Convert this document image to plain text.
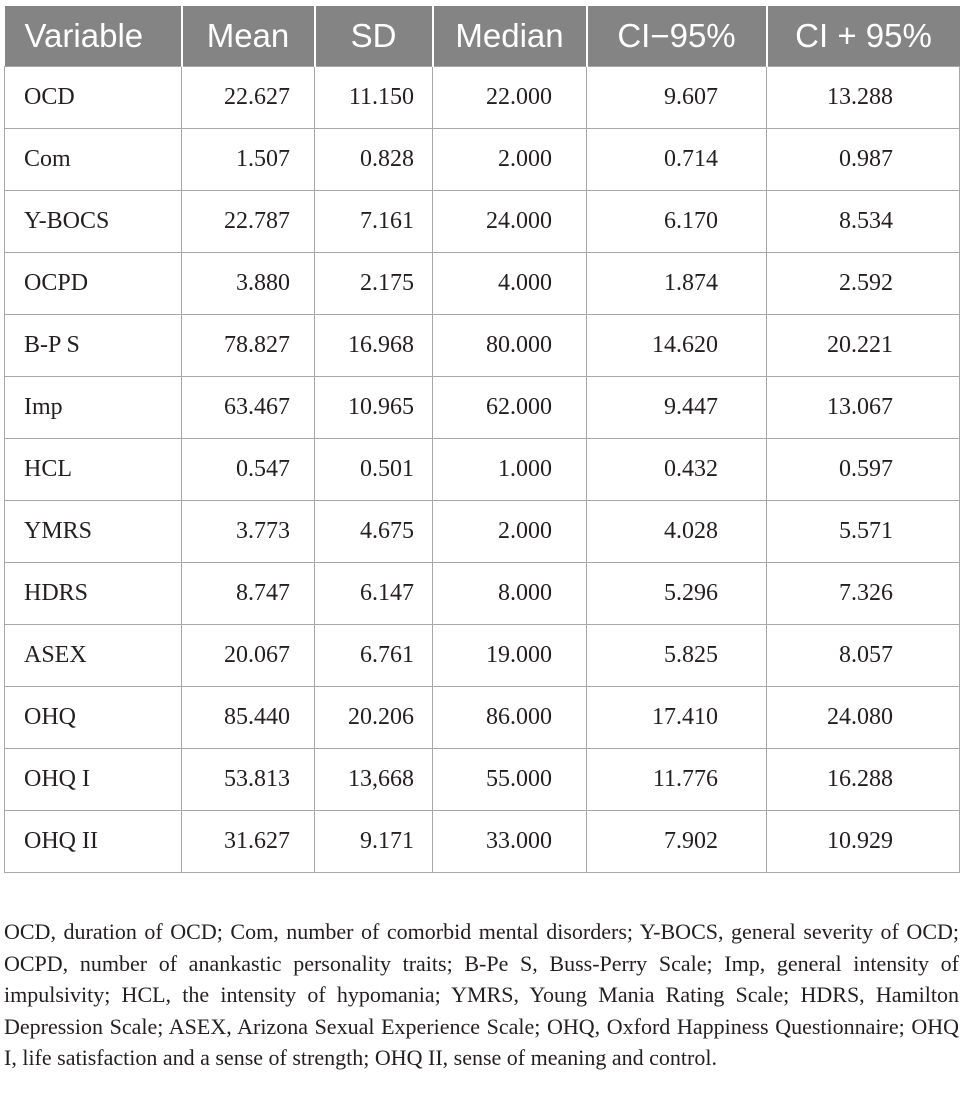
Variable	Mean	SD	Median	CI−95%	CI + 95%
OCD	22.627	11.150	22.000	9.607	13.288
Com	1.507	0.828	2.000	0.714	0.987
Y-BOCS	22.787	7.161	24.000	6.170	8.534
OCPD	3.880	2.175	4.000	1.874	2.592
B-P S	78.827	16.968	80.000	14.620	20.221
Imp	63.467	10.965	62.000	9.447	13.067
HCL	0.547	0.501	1.000	0.432	0.597
YMRS	3.773	4.675	2.000	4.028	5.571
HDRS	8.747	6.147	8.000	5.296	7.326
ASEX	20.067	6.761	19.000	5.825	8.057
OHQ	85.440	20.206	86.000	17.410	24.080
OHQ I	53.813	13,668	55.000	11.776	16.288
OHQ II	31.627	9.171	33.000	7.902	10.929

OCD, duration of OCD; Com, number of comorbid mental disorders; Y-BOCS, general severity of OCD; OCPD, number of anankastic personality traits; B-Pe S, Buss-Perry Scale; Imp, general intensity of impulsivity; HCL, the intensity of hypomania; YMRS, Young Mania Rating Scale; HDRS, Hamilton Depression Scale; ASEX, Arizona Sexual Experience Scale; OHQ, Oxford Happiness Questionnaire; OHQ I, life satisfaction and a sense of strength; OHQ II, sense of meaning and control.
